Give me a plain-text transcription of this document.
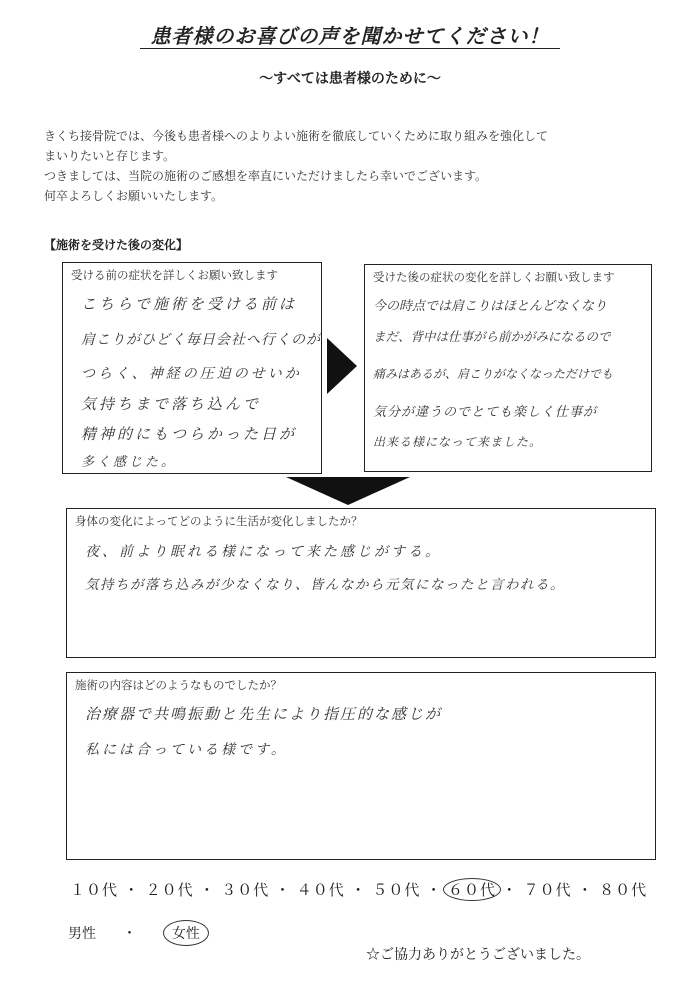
患者様のお喜びの声を聞かせてください！
～すべては患者様のために～

きくち接骨院では、今後も患者様へのよりよい施術を徹底していくために取り組みを強化して

まいりたいと存じます。

つきましては、当院の施術のご感想を率直にいただけましたら幸いでございます。

何卒よろしくお願いいたします。

【施術を受けた後の変化】
受ける前の症状を詳しくお願い致します
こちらで施術を受ける前は
肩こりがひどく毎日会社へ行くのが
つらく、神経の圧迫のせいか
気持ちまで落ち込んで
精神的にもつらかった日が
多く感じた。
受けた後の症状の変化を詳しくお願い致します
今の時点では肩こりはほとんどなくなり
まだ、背中は仕事がら前かがみになるので
痛みはあるが、肩こりがなくなっただけでも
気分が違うのでとても楽しく仕事が
出来る様になって来ました。
身体の変化によってどのように生活が変化しましたか？
夜、前より眠れる様になって来た感じがする。
気持ちが落ち込みが少なくなり、皆んなから元気になったと言われる。
施術の内容はどのようなものでしたか？
治療器で共鳴振動と先生により指圧的な感じが
私には合っている様です。
１０代 ・ ２０代 ・ ３０代 ・ ４０代 ・ ５０代 ・ ６０代 ・ ７０代 ・ ８０代
男性 ・	女性
☆ご協力ありがとうございました。
